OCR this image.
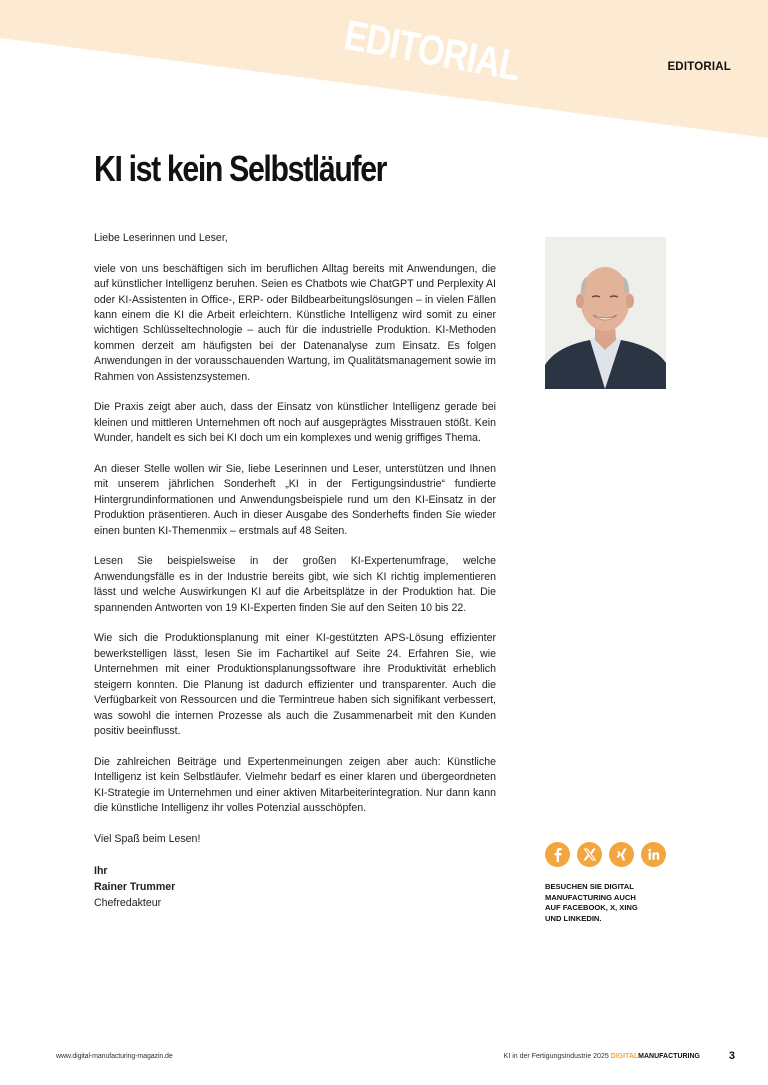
EDITORIAL	EDITORIAL
KI ist kein Selbstläufer

Liebe Leserinnen und Leser,

viele von uns beschäftigen sich im beruflichen Alltag bereits mit Anwendungen, die auf künstlicher Intelligenz beruhen. Seien es Chatbots wie ChatGPT und Perplexity AI oder KI-Assistenten in Office-, ERP- oder Bildbearbeitungslösungen – in vielen Fällen kann einem die KI die Arbeit erleichtern. Künstliche Intelligenz wird somit zu einer wichtigen Schlüsseltechnologie – auch für die industrielle Produktion. KI-Methoden kommen derzeit am häufigsten bei der Datenanalyse zum Einsatz. Es folgen Anwendungen in der vorausschauenden Wartung, im Qualitätsmanagement sowie im Rahmen von Assistenzsystemen.

Die Praxis zeigt aber auch, dass der Einsatz von künstlicher Intelligenz gerade bei kleinen und mittleren Unternehmen oft noch auf ausgeprägtes Misstrauen stößt. Kein Wunder, handelt es sich bei KI doch um ein komplexes und wenig griffiges Thema.

An dieser Stelle wollen wir Sie, liebe Leserinnen und Leser, unterstützen und Ihnen mit unserem jährlichen Sonderheft „KI in der Fertigungsindustrie“ fundierte Hintergrundinformationen und Anwendungsbeispiele rund um den KI-Einsatz in der Produktion präsentieren. Auch in dieser Ausgabe des Sonderhefts finden Sie wieder einen bunten KI-Themenmix – erstmals auf 48 Seiten.

Lesen Sie beispielsweise in der großen KI-Expertenumfrage, welche Anwendungsfälle es in der Industrie bereits gibt, wie sich KI richtig implementieren lässt und welche Auswirkungen KI auf die Arbeitsplätze in der Produktion hat. Die spannenden Antworten von 19 KI-Experten finden Sie auf den Seiten 10 bis 22.

Wie sich die Produktionsplanung mit einer KI-gestützten APS-Lösung effizienter bewerkstelligen lässt, lesen Sie im Fachartikel auf Seite 24. Erfahren Sie, wie Unternehmen mit einer Produktionsplanungssoftware ihre Produktivität erheblich steigern konnten. Die Planung ist dadurch effizienter und transparenter. Auch die Verfügbarkeit von Ressourcen und die Termintreue haben sich signifikant verbessert, was sowohl die internen Prozesse als auch die Zusammenarbeit mit den Kunden positiv beeinflusst.

Die zahlreichen Beiträge und Expertenmeinungen zeigen aber auch: Künstliche Intelligenz ist kein Selbstläufer. Vielmehr bedarf es einer klaren und übergeordneten KI-Strategie im Unternehmen und einer aktiven Mitarbeiterintegration. Nur dann kann die künstliche Intelligenz ihr volles Potenzial ausschöpfen.

Viel Spaß beim Lesen!

Ihr
Rainer Trummer
Chefredakteur
BESUCHEN SIE DIGITAL
MANUFACTURING AUCH
AUF FACEBOOK, X, XING
UND LINKEDIN.
www.digital-manufacturing-magazin.de	KI in der Fertigungsindustrie 2025 DIGITALMANUFACTURING	3
